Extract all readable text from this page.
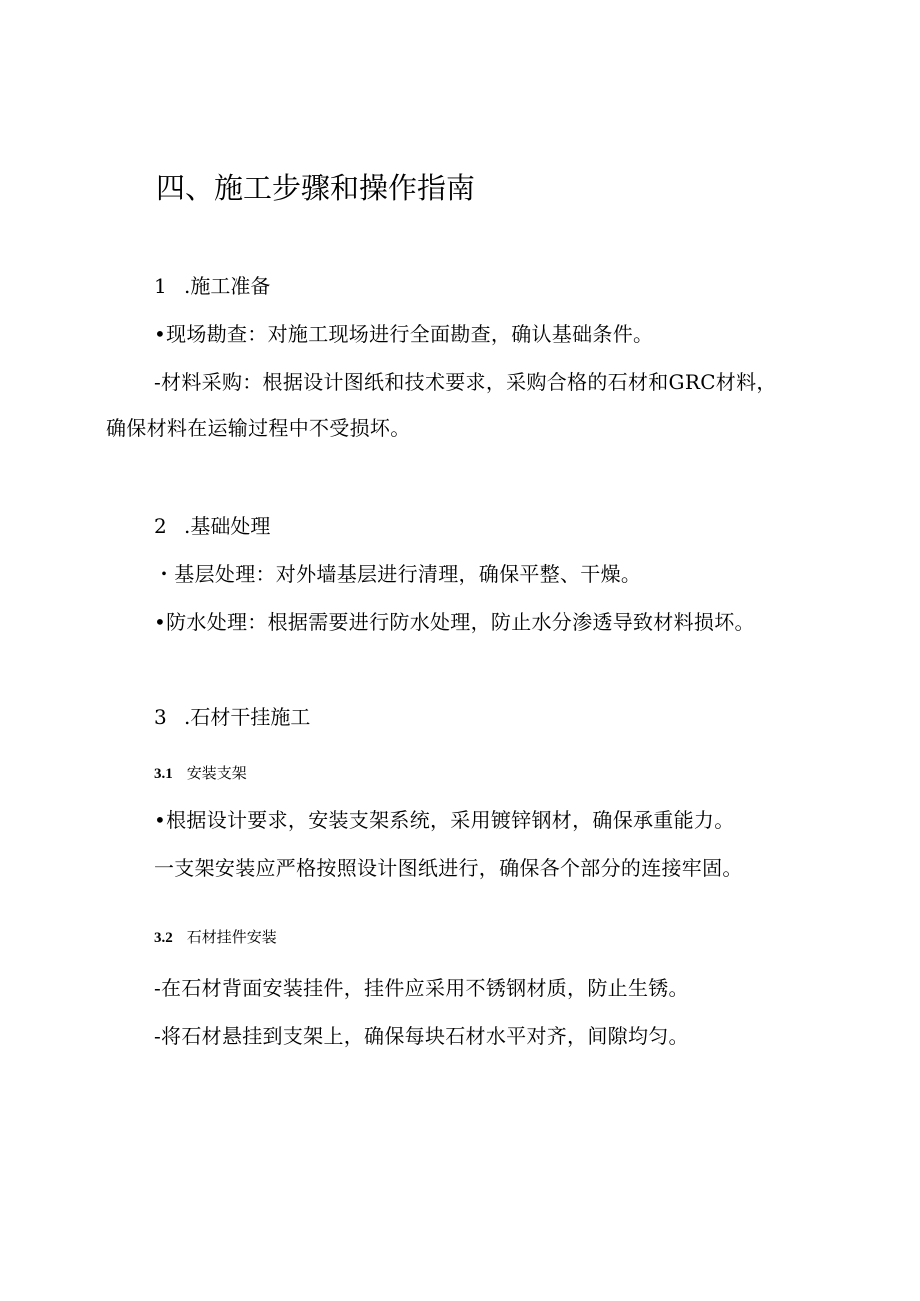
四、施工步骤和操作指南
1 .施工准备

•现场勘查：对施工现场进行全面勘查，确认基础条件。

-材料采购：根据设计图纸和技术要求，采购合格的石材和GRC材料，

确保材料在运输过程中不受损坏。

2 .基础处理

・基层处理：对外墙基层进行清理，确保平整、干燥。

•防水处理：根据需要进行防水处理，防止水分渗透导致材料损坏。

3 .石材干挂施工
3.1 安装支架

•根据设计要求，安装支架系统，采用镀锌钢材，确保承重能力。

一支架安装应严格按照设计图纸进行，确保各个部分的连接牢固。

3.2 石材挂件安装

-在石材背面安装挂件，挂件应采用不锈钢材质，防止生锈。

-将石材悬挂到支架上，确保每块石材水平对齐，间隙均匀。
